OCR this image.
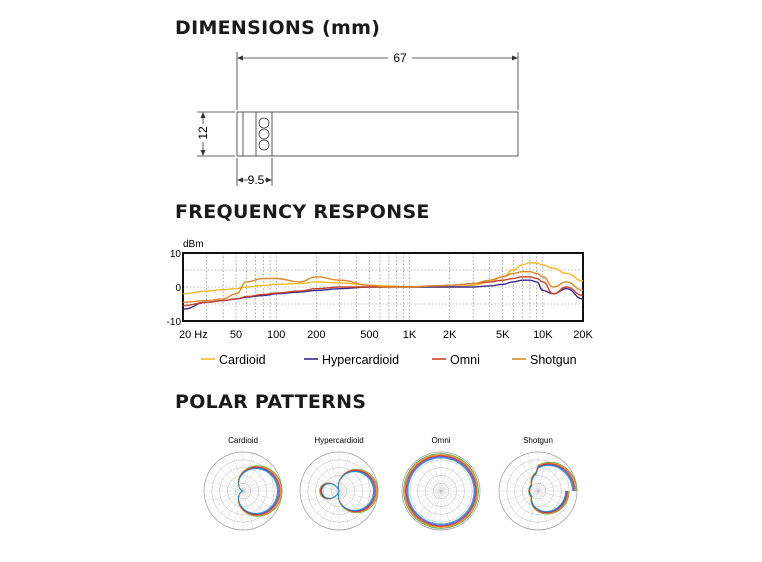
DIMENSIONS (mm)
FREQUENCY RESPONSE
POLAR PATTERNS
67
12
9.5
20 Hz 50 100 200	500 1K 2K	5K 10K 20K
10
0
-10
dBm
Cardioid	Hypercardioid	Omni	Shotgun
Cardioid	Hypercardioid	Omni	Shotgun
